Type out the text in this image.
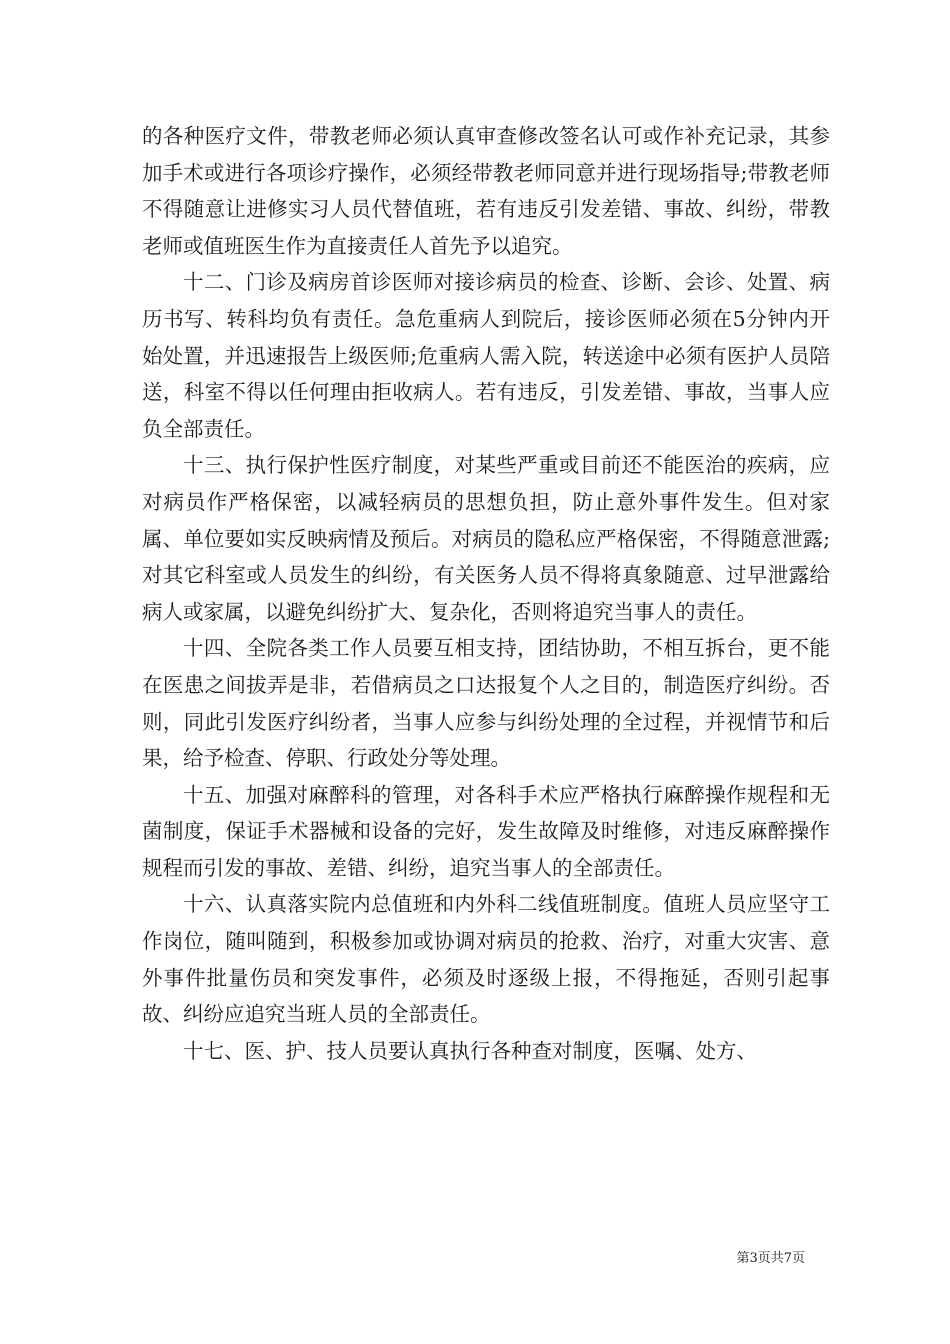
的各种医疗文件，带教老师必须认真审查修改签名认可或作补充记录，其参加手术或进行各项诊疗操作，必须经带教老师同意并进行现场指导;带教老师不得随意让进修实习人员代替值班，若有违反引发差错、事故、纠纷，带教老师或值班医生作为直接责任人首先予以追究。

十二、门诊及病房首诊医师对接诊病员的检查、诊断、会诊、处置、病历书写、转科均负有责任。急危重病人到院后，接诊医师必须在5分钟内开始处置，并迅速报告上级医师;危重病人需入院，转送途中必须有医护人员陪送，科室不得以任何理由拒收病人。若有违反，引发差错、事故，当事人应负全部责任。

十三、执行保护性医疗制度，对某些严重或目前还不能医治的疾病，应对病员作严格保密，以减轻病员的思想负担，防止意外事件发生。但对家属、单位要如实反映病情及预后。对病员的隐私应严格保密，不得随意泄露;对其它科室或人员发生的纠纷，有关医务人员不得将真象随意、过早泄露给病人或家属，以避免纠纷扩大、复杂化，否则将追究当事人的责任。

十四、全院各类工作人员要互相支持，团结协助，不相互拆台，更不能在医患之间拔弄是非，若借病员之口达报复个人之目的，制造医疗纠纷。否则，同此引发医疗纠纷者，当事人应参与纠纷处理的全过程，并视情节和后果，给予检查、停职、行政处分等处理。

十五、加强对麻醉科的管理，对各科手术应严格执行麻醉操作规程和无菌制度，保证手术器械和设备的完好，发生故障及时维修，对违反麻醉操作规程而引发的事故、差错、纠纷，追究当事人的全部责任。

十六、认真落实院内总值班和内外科二线值班制度。值班人员应坚守工作岗位，随叫随到，积极参加或协调对病员的抢救、治疗，对重大灾害、意外事件批量伤员和突发事件，必须及时逐级上报，不得拖延，否则引起事故、纠纷应追究当班人员的全部责任。

十七、医、护、技人员要认真执行各种查对制度，医嘱、处方、

第3页共7页
